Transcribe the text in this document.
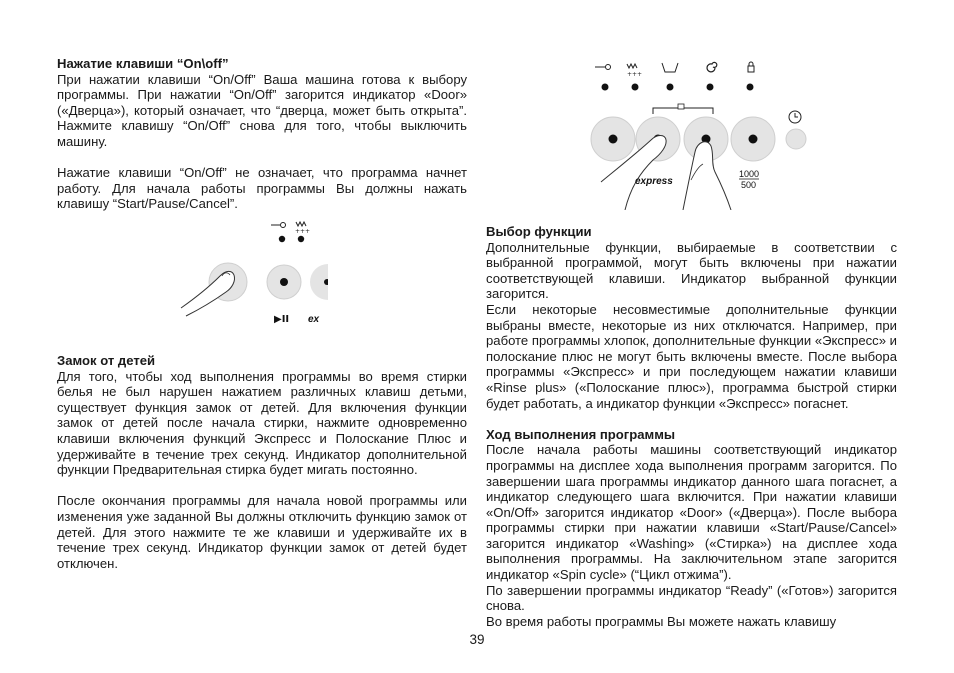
Нажатие клавиши “On\off”

При нажатии клавиши “On/Off” Ваша машина готова к выбору программы. При нажатии “On/Off” загорится индикатор «Door» («Дверца»), который означает, что “дверца, может быть открыта”. Нажмите клавишу “On/Off” снова для того, чтобы выключить машину.

Нажатие клавиши “On/Off” не означает, что программа начнет работу. Для начала работы программы Вы должны нажать клавишу “Start/Pause/Cancel”.

+++
▶II ex
Замок от детей

Для того, чтобы ход выполнения программы во время стирки белья не был нарушен нажатием различных клавиш детьми, существует функция замок от детей. Для включения функции замок от детей после начала стирки, нажмите одновременно клавиши включения функций Экспресс и Полоскание Плюс и удерживайте в течение трех секунд. Индикатор дополнительной функции Предварительная стирка будет мигать постоянно.

После окончания программы для начала новой программы или изменения уже заданной Вы должны отключить функцию замок от детей. Для этого нажмите те же клавиши и удерживайте их в течение трех секунд. Индикатор функции замок от детей будет отключен.

+++
express
1000
500
Выбор функции

Дополнительные функции, выбираемые в соответствии с выбранной программой, могут быть включены при нажатии соответствующей клавиши. Индикатор выбранной функции загорится.

Если некоторые несовместимые дополнительные функции выбраны вместе, некоторые из них отключатся. Например, при работе программы хлопок, дополнительные функции «Экспресс» и полоскание плюс не могут быть включены вместе. После выбора программы «Экспресс» и при последующем нажатии клавиши «Rinse plus» («Полоскание плюс»), программа быстрой стирки будет работать, а индикатор функции «Экспресс» погаснет.

Ход выполнения программы

После начала работы машины соответствующий индикатор программы на дисплее хода выполнения программ загорится. По завершении шага программы индикатор данного шага погаснет, а индикатор следующего шага включится. При нажатии клавиши «On/Off» загорится индикатор «Door» («Дверца»). После выбора программы стирки при нажатии клавиши «Start/Pause/Cancel» загорится индикатор «Washing» («Стирка») на дисплее хода выполнения программы. На заключительном этапе загорится индикатор «Spin cycle» (“Цикл отжима”).

По завершении программы индикатор “Ready” («Готов») загорится снова.

Во время работы программы Вы можете нажать клавишу

39
